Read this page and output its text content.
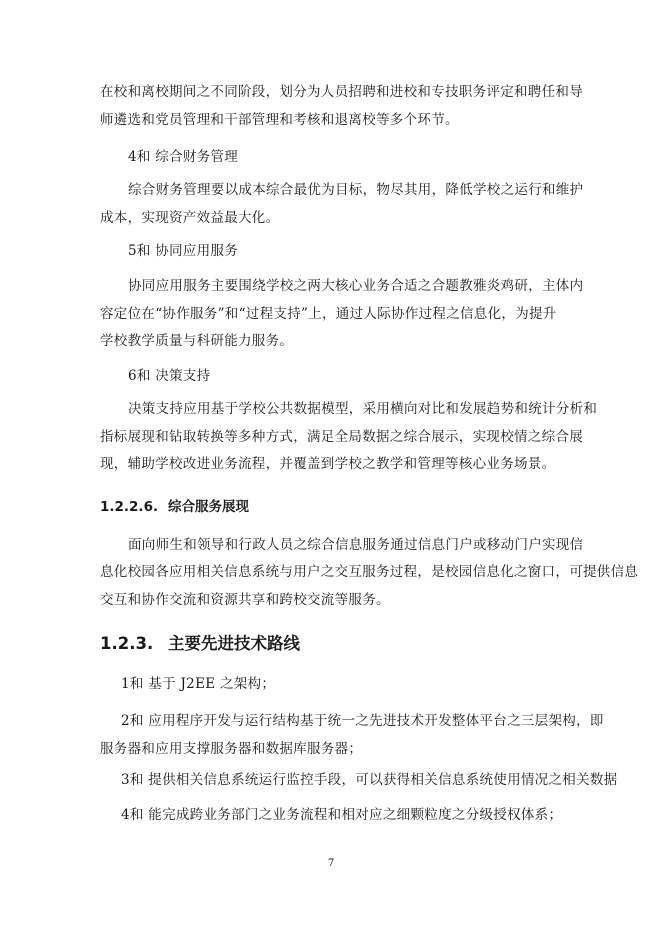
在校和离校期间之不同阶段，划分为人员招聘和进校和专技职务评定和聘任和导
师遴选和党员管理和干部管理和考核和退离校等多个环节。
4和 综合财务管理
综合财务管理要以成本综合最优为目标，物尽其用，降低学校之运行和维护
成本，实现资产效益最大化。
5和 协同应用服务
协同应用服务主要围绕学校之两大核心业务合适之合题教雅炎鸡研，主体内
容定位在“协作服务”和“过程支持”上，通过人际协作过程之信息化，为提升
学校教学质量与科研能力服务。
6和 决策支持
决策支持应用基于学校公共数据模型，采用横向对比和发展趋势和统计分析和
指标展现和钻取转换等多种方式，满足全局数据之综合展示，实现校情之综合展
现，辅助学校改进业务流程，并覆盖到学校之教学和管理等核心业务场景。
1.2.2.6. 综合服务展现
面向师生和领导和行政人员之综合信息服务通过信息门户或移动门户实现信
息化校园各应用相关信息系统与用户之交互服务过程，是校园信息化之窗口，可提供信息
交互和协作交流和资源共享和跨校交流等服务。
1.2.3. 主要先进技术路线
1和 基于 J2EE 之架构；
2和 应用程序开发与运行结构基于统一之先进技术开发整体平台之三层架构，即
服务器和应用支撑服务器和数据库服务器；
3和 提供相关信息系统运行监控手段，可以获得相关信息系统使用情况之相关数据
4和 能完成跨业务部门之业务流程和相对应之细颗粒度之分级授权体系；
7
